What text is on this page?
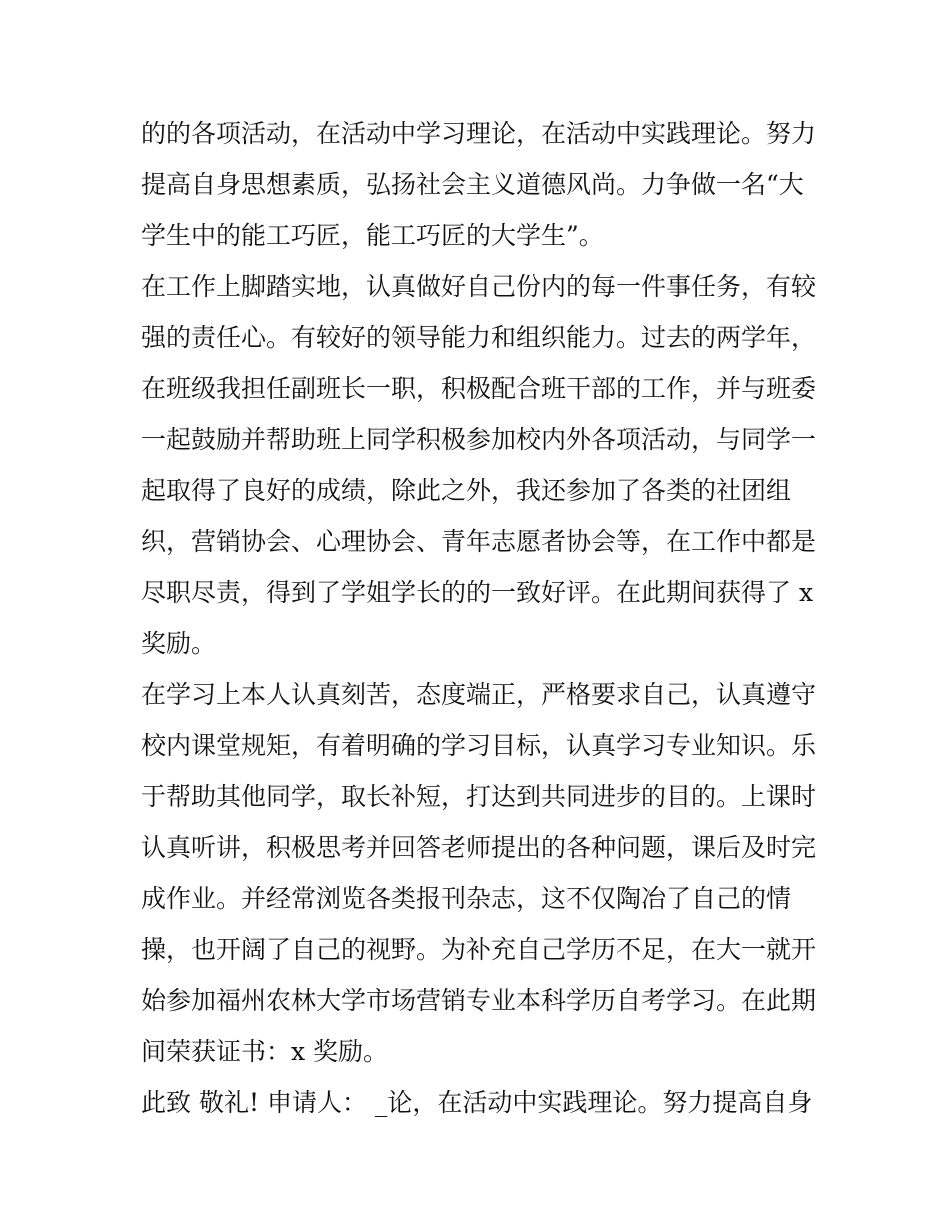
的的各项活动，在活动中学习理论，在活动中实践理论。努力
提高自身思想素质，弘扬社会主义道德风尚。力争做一名“大
学生中的能工巧匠，能工巧匠的大学生”。
在工作上脚踏实地，认真做好自己份内的每一件事任务，有较
强的责任心。有较好的领导能力和组织能力。过去的两学年，
在班级我担任副班长一职，积极配合班干部的工作，并与班委
一起鼓励并帮助班上同学积极参加校内外各项活动，与同学一
起取得了良好的成绩，除此之外，我还参加了各类的社团组
织，营销协会、心理协会、青年志愿者协会等，在工作中都是
尽职尽责，得到了学姐学长的的一致好评。在此期间获得了 x
奖励。
在学习上本人认真刻苦，态度端正，严格要求自己，认真遵守
校内课堂规矩，有着明确的学习目标，认真学习专业知识。乐
于帮助其他同学，取长补短，打达到共同进步的目的。上课时
认真听讲，积极思考并回答老师提出的各种问题，课后及时完
成作业。并经常浏览各类报刊杂志，这不仅陶冶了自己的情
操，也开阔了自己的视野。为补充自己学历不足，在大一就开
始参加福州农林大学市场营销专业本科学历自考学习。在此期
间荣获证书：x 奖励。
此致 敬礼! 申请人： _论，在活动中实践理论。努力提高自身
